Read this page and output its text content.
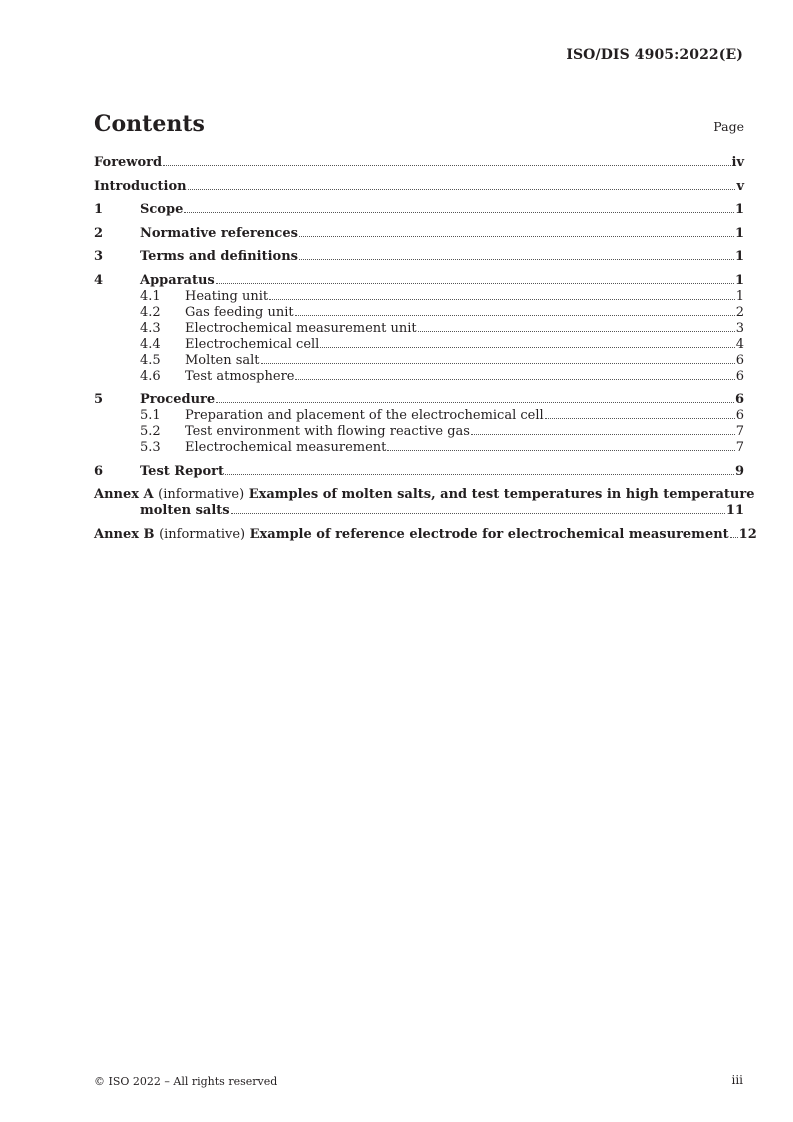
ISO/DIS 4905:2022(E)
Contents	Page
Foreword	iv
Introduction	v
1	Scope	1
2	Normative references	1
3	Terms and definitions	1
4	Apparatus	1
4.1	Heating unit	1
4.2	Gas feeding unit	2
4.3	Electrochemical measurement unit	3
4.4	Electrochemical cell	4
4.5	Molten salt	6
4.6	Test atmosphere	6
5	Procedure	6
5.1	Preparation and placement of the electrochemical cell	6
5.2	Test environment with flowing reactive gas	7
5.3	Electrochemical measurement	7
6	Test Report	9
Annex A (informative) Examples of molten salts, and test temperatures in high temperature
molten salts	11
Annex B (informative) Example of reference electrode for electrochemical measurement 12
© ISO 2022 – All rights reserved	iii
